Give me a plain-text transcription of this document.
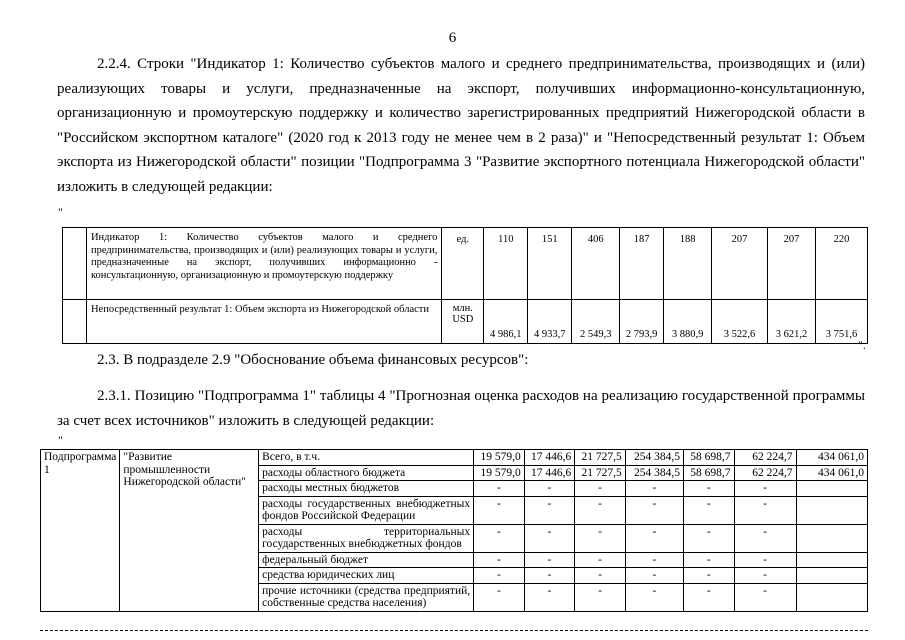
6
2.2.4. Строки "Индикатор 1: Количество субъектов малого и среднего предпринимательства, производящих и (или) реализующих товары и услуги, предназначенные на экспорт, получивших информационно-консультационную, организационную и промоутерскую поддержку и количество зарегистрированных предприятий Нижегородской области в "Российском экспортном каталоге" (2020 год к 2013 году не менее чем в 2 раза)" и "Непосредственный результат 1: Объем экспорта из Нижегородской области" позиции "Подпрограмма 3 "Развитие экспортного потенциала Нижегородской области" изложить в следующей редакции:
"
	Индикатор 1: Количество субъектов малого и среднего предпринимательства, производящих и (или) реализующих товары и услуги, предназначенные на экспорт, получивших информационно - консультационную, организационную и промоутерскую поддержку	ед.	110	151	406	187	188	207	207	220
	Непосредственный результат 1: Объем экспорта из Нижегородской области	млн. USD	4 986,1	4 933,7	2 549,3	2 793,9	3 880,9	3 522,6	3 621,2	3 751,6
".
2.3. В подразделе 2.9 "Обоснование объема финансовых ресурсов":
2.3.1. Позицию "Подпрограмма 1" таблицы 4 "Прогнозная оценка расходов на реализацию государственной программы за счет всех источников" изложить в следующей редакции:
"
Подпрограмма 1	"Развитие промышленности Нижегородской области"	Всего, в т.ч.	19 579,0	17 446,6	21 727,5	254 384,5	58 698,7	62 224,7	434 061,0
		расходы областного бюджета	19 579,0	17 446,6	21 727,5	254 384,5	58 698,7	62 224,7	434 061,0
		расходы местных бюджетов	-	-	-	-	-	-	
		расходы государственных внебюджетных фондов Российской Федерации	-	-	-	-	-	-	
		расходы территориальных государственных внебюджетных фондов	-	-	-	-	-	-	
		федеральный бюджет	-	-	-	-	-	-	
		средства юридических лиц	-	-	-	-	-	-	
		прочие источники (средства предприятий, собственные средства населения)	-	-	-	-	-	-	
